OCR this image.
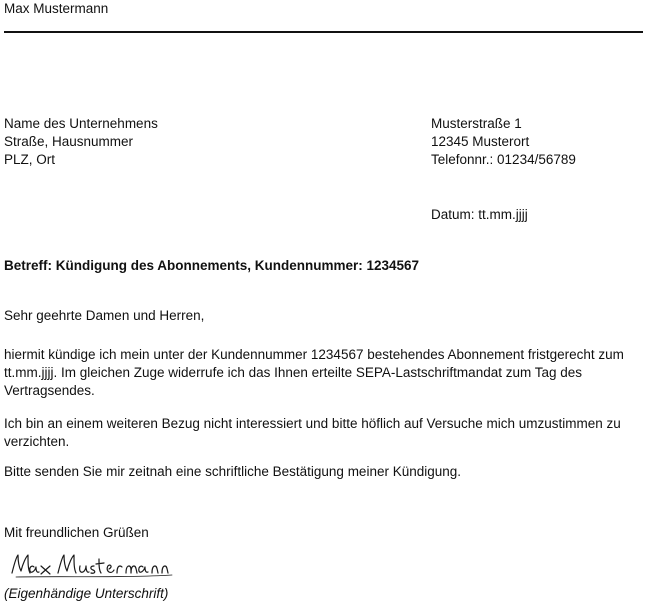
Max Mustermann
Name des Unternehmens
Straße, Hausnummer
PLZ, Ort
Musterstraße 1
12345 Musterort
Telefonnr.: 01234/56789
Datum: tt.mm.jjjj
Betreff: Kündigung des Abonnements, Kundennummer: 1234567
Sehr geehrte Damen und Herren,
hiermit kündige ich mein unter der Kundennummer 1234567 bestehendes Abonnement fristgerecht zum
tt.mm.jjjj. Im gleichen Zuge widerrufe ich das Ihnen erteilte SEPA-Lastschriftmandat zum Tag des
Vertragsendes.
Ich bin an einem weiteren Bezug nicht interessiert und bitte höflich auf Versuche mich umzustimmen zu
verzichten.
Bitte senden Sie mir zeitnah eine schriftliche Bestätigung meiner Kündigung.
Mit freundlichen Grüßen
(Eigenhändige Unterschrift)
